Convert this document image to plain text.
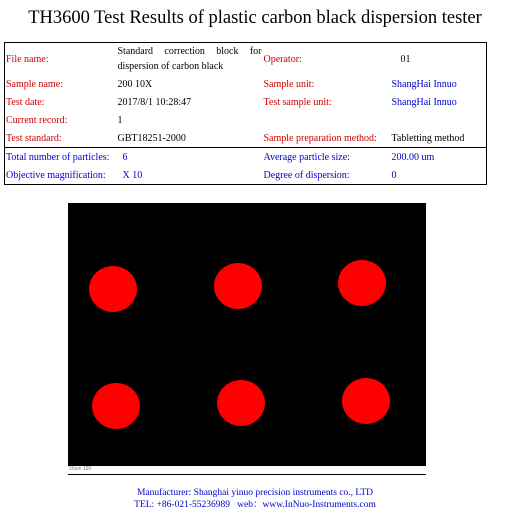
TH3600 Test Results of plastic carbon black dispersion tester
File name:	Standard correction block for
dispersion of carbon black	Operator:	01
Sample name:	200 10X	Sample unit:	ShangHai Innuo
Test date:	2017/8/1 10:28:47	Test sample unit:	ShangHai Innuo
Current record:	1		
Test standard:	GBT18251-2000	Sample preparation method:	Tabletting method
Total number of particles:	6	Average particle size:	200.00 um
Objective magnification:	X 10	Degree of dispersion:	0
20um 100
Manufacturer: Shanghai yinuo precision instruments co., LTD
TEL: +86-021-55236989   web：www.InNuo-Instruments.com
